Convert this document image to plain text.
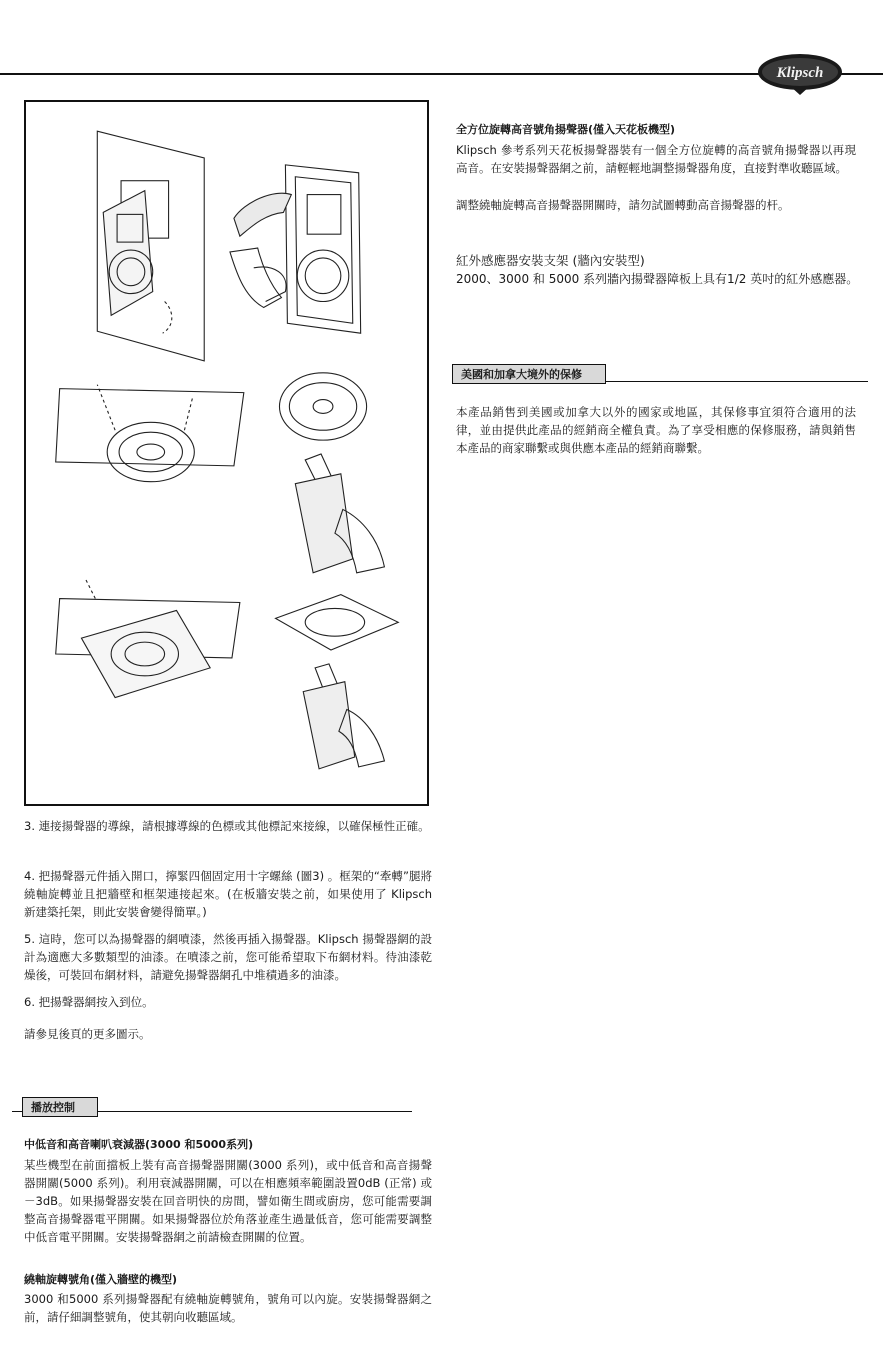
Klipsch

3. 連接揚聲器的導線，請根據導線的色標或其他標記來接線，以確保極性正確。

4. 把揚聲器元件插入開口，擰緊四個固定用十字螺絲 (圖3) 。框架的“牽轉”腿將繞軸旋轉並且把牆壁和框架連接起來。(在板牆安裝之前，如果使用了 Klipsch 新建築托架，則此安裝會變得簡單。)

5. 這時，您可以為揚聲器的網噴漆，然後再插入揚聲器。Klipsch 揚聲器網的設計為適應大多數類型的油漆。在噴漆之前，您可能希望取下布網材料。待油漆乾燥後，可裝回布網材料，請避免揚聲器網孔中堆積過多的油漆。

6. 把揚聲器網按入到位。

請參見後頁的更多圖示。

播放控制

中低音和高音喇叭衰減器(3000 和5000系列)

某些機型在前面擋板上裝有高音揚聲器開關(3000 系列)，或中低音和高音揚聲器開關(5000 系列)。利用衰減器開關，可以在相應頻率範圍設置0dB (正常) 或－3dB。如果揚聲器安裝在回音明快的房間，譬如衛生間或廚房，您可能需要調整高音揚聲器電平開關。如果揚聲器位於角落並產生過量低音，您可能需要調整中低音電平開關。安裝揚聲器網之前請檢查開關的位置。

繞軸旋轉號角(僅入牆壁的機型)

3000 和5000 系列揚聲器配有繞軸旋轉號角，號角可以內旋。安裝揚聲器網之前，請仔細調整號角，使其朝向收聽區域。

全方位旋轉高音號角揚聲器(僅入天花板機型)

Klipsch 參考系列天花板揚聲器裝有一個全方位旋轉的高音號角揚聲器以再現高音。在安裝揚聲器網之前，請輕輕地調整揚聲器角度，直接對準收聽區域。

調整繞軸旋轉高音揚聲器開關時，請勿試圖轉動高音揚聲器的杆。

紅外感應器安裝支架 (牆內安裝型)

2000、3000 和 5000 系列牆內揚聲器障板上具有1/2 英吋的紅外感應器。

美國和加拿大境外的保修

本產品銷售到美國或加拿大以外的國家或地區，其保修事宜須符合適用的法律，並由提供此產品的經銷商全權負責。為了享受相應的保修服務，請與銷售本產品的商家聯繫或與供應本產品的經銷商聯繫。
